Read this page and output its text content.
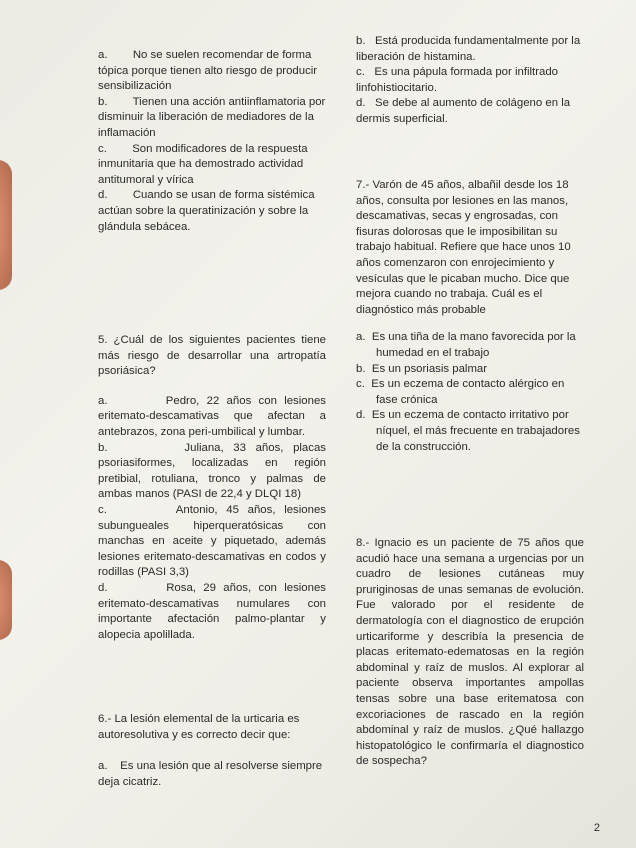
a. No se suelen recomendar de forma tópica porque tienen alto riesgo de producir sensibilización

b. Tienen una acción antiinflamatoria por disminuir la liberación de mediadores de la inflamación

c. Son modificadores de la respuesta inmunitaria que ha demostrado actividad antitumoral y vírica

d. Cuando se usan de forma sistémica actúan sobre la queratinización y sobre la glándula sebácea.

5. ¿Cuál de los siguientes pacientes tiene más riesgo de desarrollar una artropatía psoriásica?

a.	Pedro, 22 años con lesiones eritemato-descamativas que afectan a antebrazos, zona peri-umbilical y lumbar.

b.	Juliana, 33 años, placas psoriasiformes, localizadas en región pretibial, rotuliana, tronco y palmas de ambas manos (PASI de 22,4 y DLQI 18)

c.	Antonio, 45 años, lesiones subungueales hiperqueratósicas con manchas en aceite y piquetado, además lesiones eritemato-descamativas en codos y rodillas (PASI 3,3)

d.	Rosa, 29 años, con lesiones eritemato-descamativas numulares con importante afectación palmo-plantar y alopecia apolillada.

6.- La lesión elemental de la urticaria es autoresolutiva y es correcto decir que:

a. Es una lesión que al resolverse siempre deja cicatriz.

b. Está producida fundamentalmente por la liberación de histamina.

c. Es una pápula formada por infiltrado linfohistiocitario.

d. Se debe al aumento de colágeno en la dermis superficial.

7.- Varón de 45 años, albañil desde los 18 años, consulta por lesiones en las manos, descamativas, secas y engrosadas, con fisuras dolorosas que le imposibilitan su trabajo habitual. Refiere que hace unos 10 años comenzaron con enrojecimiento y vesículas que le picaban mucho. Dice que mejora cuando no trabaja. Cuál es el diagnóstico más probable

a. Es una tiña de la mano favorecida por la humedad en el trabajo

b. Es un psoriasis palmar

c. Es un eczema de contacto alérgico en fase crónica

d. Es un eczema de contacto irritativo por níquel, el más frecuente en trabajadores de la construcción.

8.- Ignacio es un paciente de 75 años que acudió hace una semana a urgencias por un cuadro de lesiones cutáneas muy pruriginosas de unas semanas de evolución. Fue valorado por el residente de dermatología con el diagnostico de erupción urticariforme y describía la presencia de placas eritemato-edematosas en la región abdominal y raíz de muslos. Al explorar al paciente observa importantes ampollas tensas sobre una base eritematosa con excoriaciones de rascado en la región abdominal y raíz de muslos. ¿Qué hallazgo histopatológico le confirmaría el diagnostico de sospecha?

2
